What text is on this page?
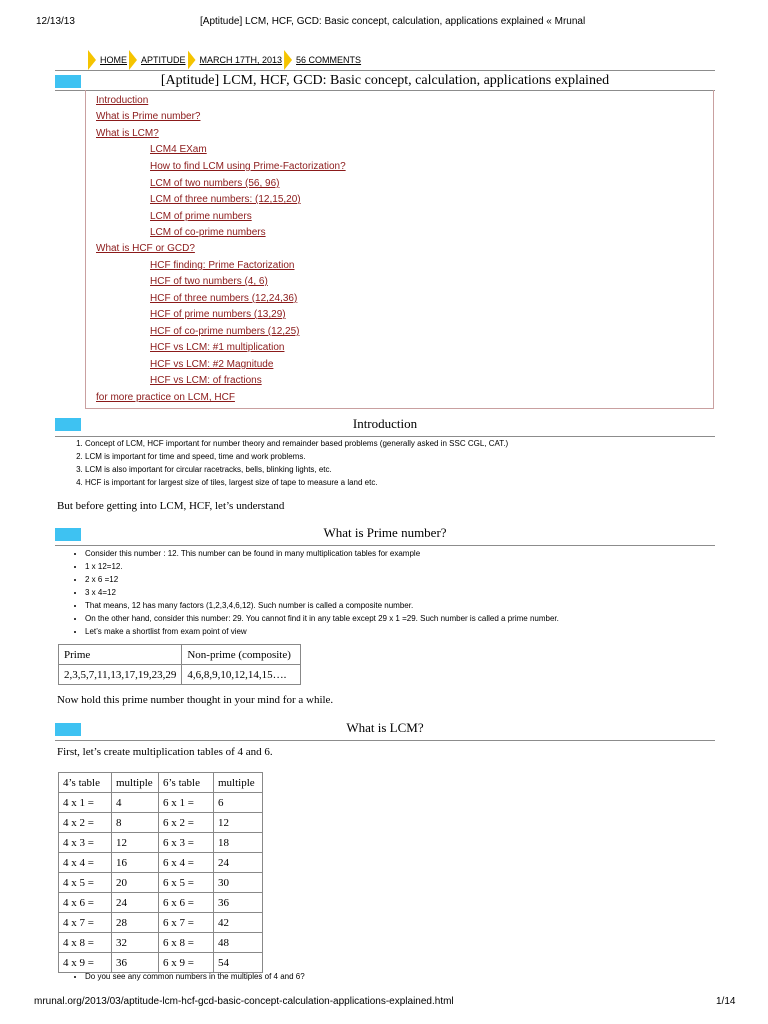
12/13/13	[Aptitude] LCM, HCF, GCD: Basic concept, calculation, applications explained « Mrunal
HOME APTITUDE MARCH 17TH, 2013 56 COMMENTS
[Aptitude] LCM, HCF, GCD: Basic concept, calculation, applications explained
Introduction
What is Prime number?
What is LCM?
LCM4 EXam
How to find LCM using Prime-Factorization?
LCM of two numbers (56, 96)
LCM of three numbers: (12,15,20)
LCM of prime numbers
LCM of co-prime numbers
What is HCF or GCD?
HCF finding: Prime Factorization
HCF of two numbers (4, 6)
HCF of three numbers (12,24,36)
HCF of prime numbers (13,29)
HCF of co-prime numbers (12,25)
HCF vs LCM: #1 multiplication
HCF vs LCM: #2 Magnitude
HCF vs LCM: of fractions
for more practice on LCM, HCF
Introduction
1. Concept of LCM, HCF important for number theory and remainder based problems (generally asked in SSC CGL, CAT.)
2. LCM is important for time and speed, time and work problems.
3. LCM is also important for circular racetracks, bells, blinking lights, etc.
4. HCF is important for largest size of tiles, largest size of tape to measure a land etc.
But before getting into LCM, HCF, let’s understand
What is Prime number?
• Consider this number : 12. This number can be found in many multiplication tables for example
• 1 x 12=12.
• 2 x 6 =12
• 3 x 4=12
• That means, 12 has many factors (1,2,3,4,6,12). Such number is called a composite number.
• On the other hand, consider this number: 29. You cannot find it in any table except 29 x 1 =29. Such number is called a prime number.
• Let’s make a shortlist from exam point of view
Prime	Non-prime (composite)
2,3,5,7,11,13,17,19,23,29	4,6,8,9,10,12,14,15….
Now hold this prime number thought in your mind for a while.
What is LCM?
First, let’s create multiplication tables of 4 and 6.
4’s table	multiple	6’s table	multiple
4 x 1 =	4	6 x 1 =	6
4 x 2 =	8	6 x 2 =	12
4 x 3 =	12	6 x 3 =	18
4 x 4 =	16	6 x 4 =	24
4 x 5 =	20	6 x 5 =	30
4 x 6 =	24	6 x 6 =	36
4 x 7 =	28	6 x 7 =	42
4 x 8 =	32	6 x 8 =	48
4 x 9 =	36	6 x 9 =	54
• Do you see any common numbers in the multiples of 4 and 6?
mrunal.org/2013/03/aptitude-lcm-hcf-gcd-basic-concept-calculation-applications-explained.html	1/14
